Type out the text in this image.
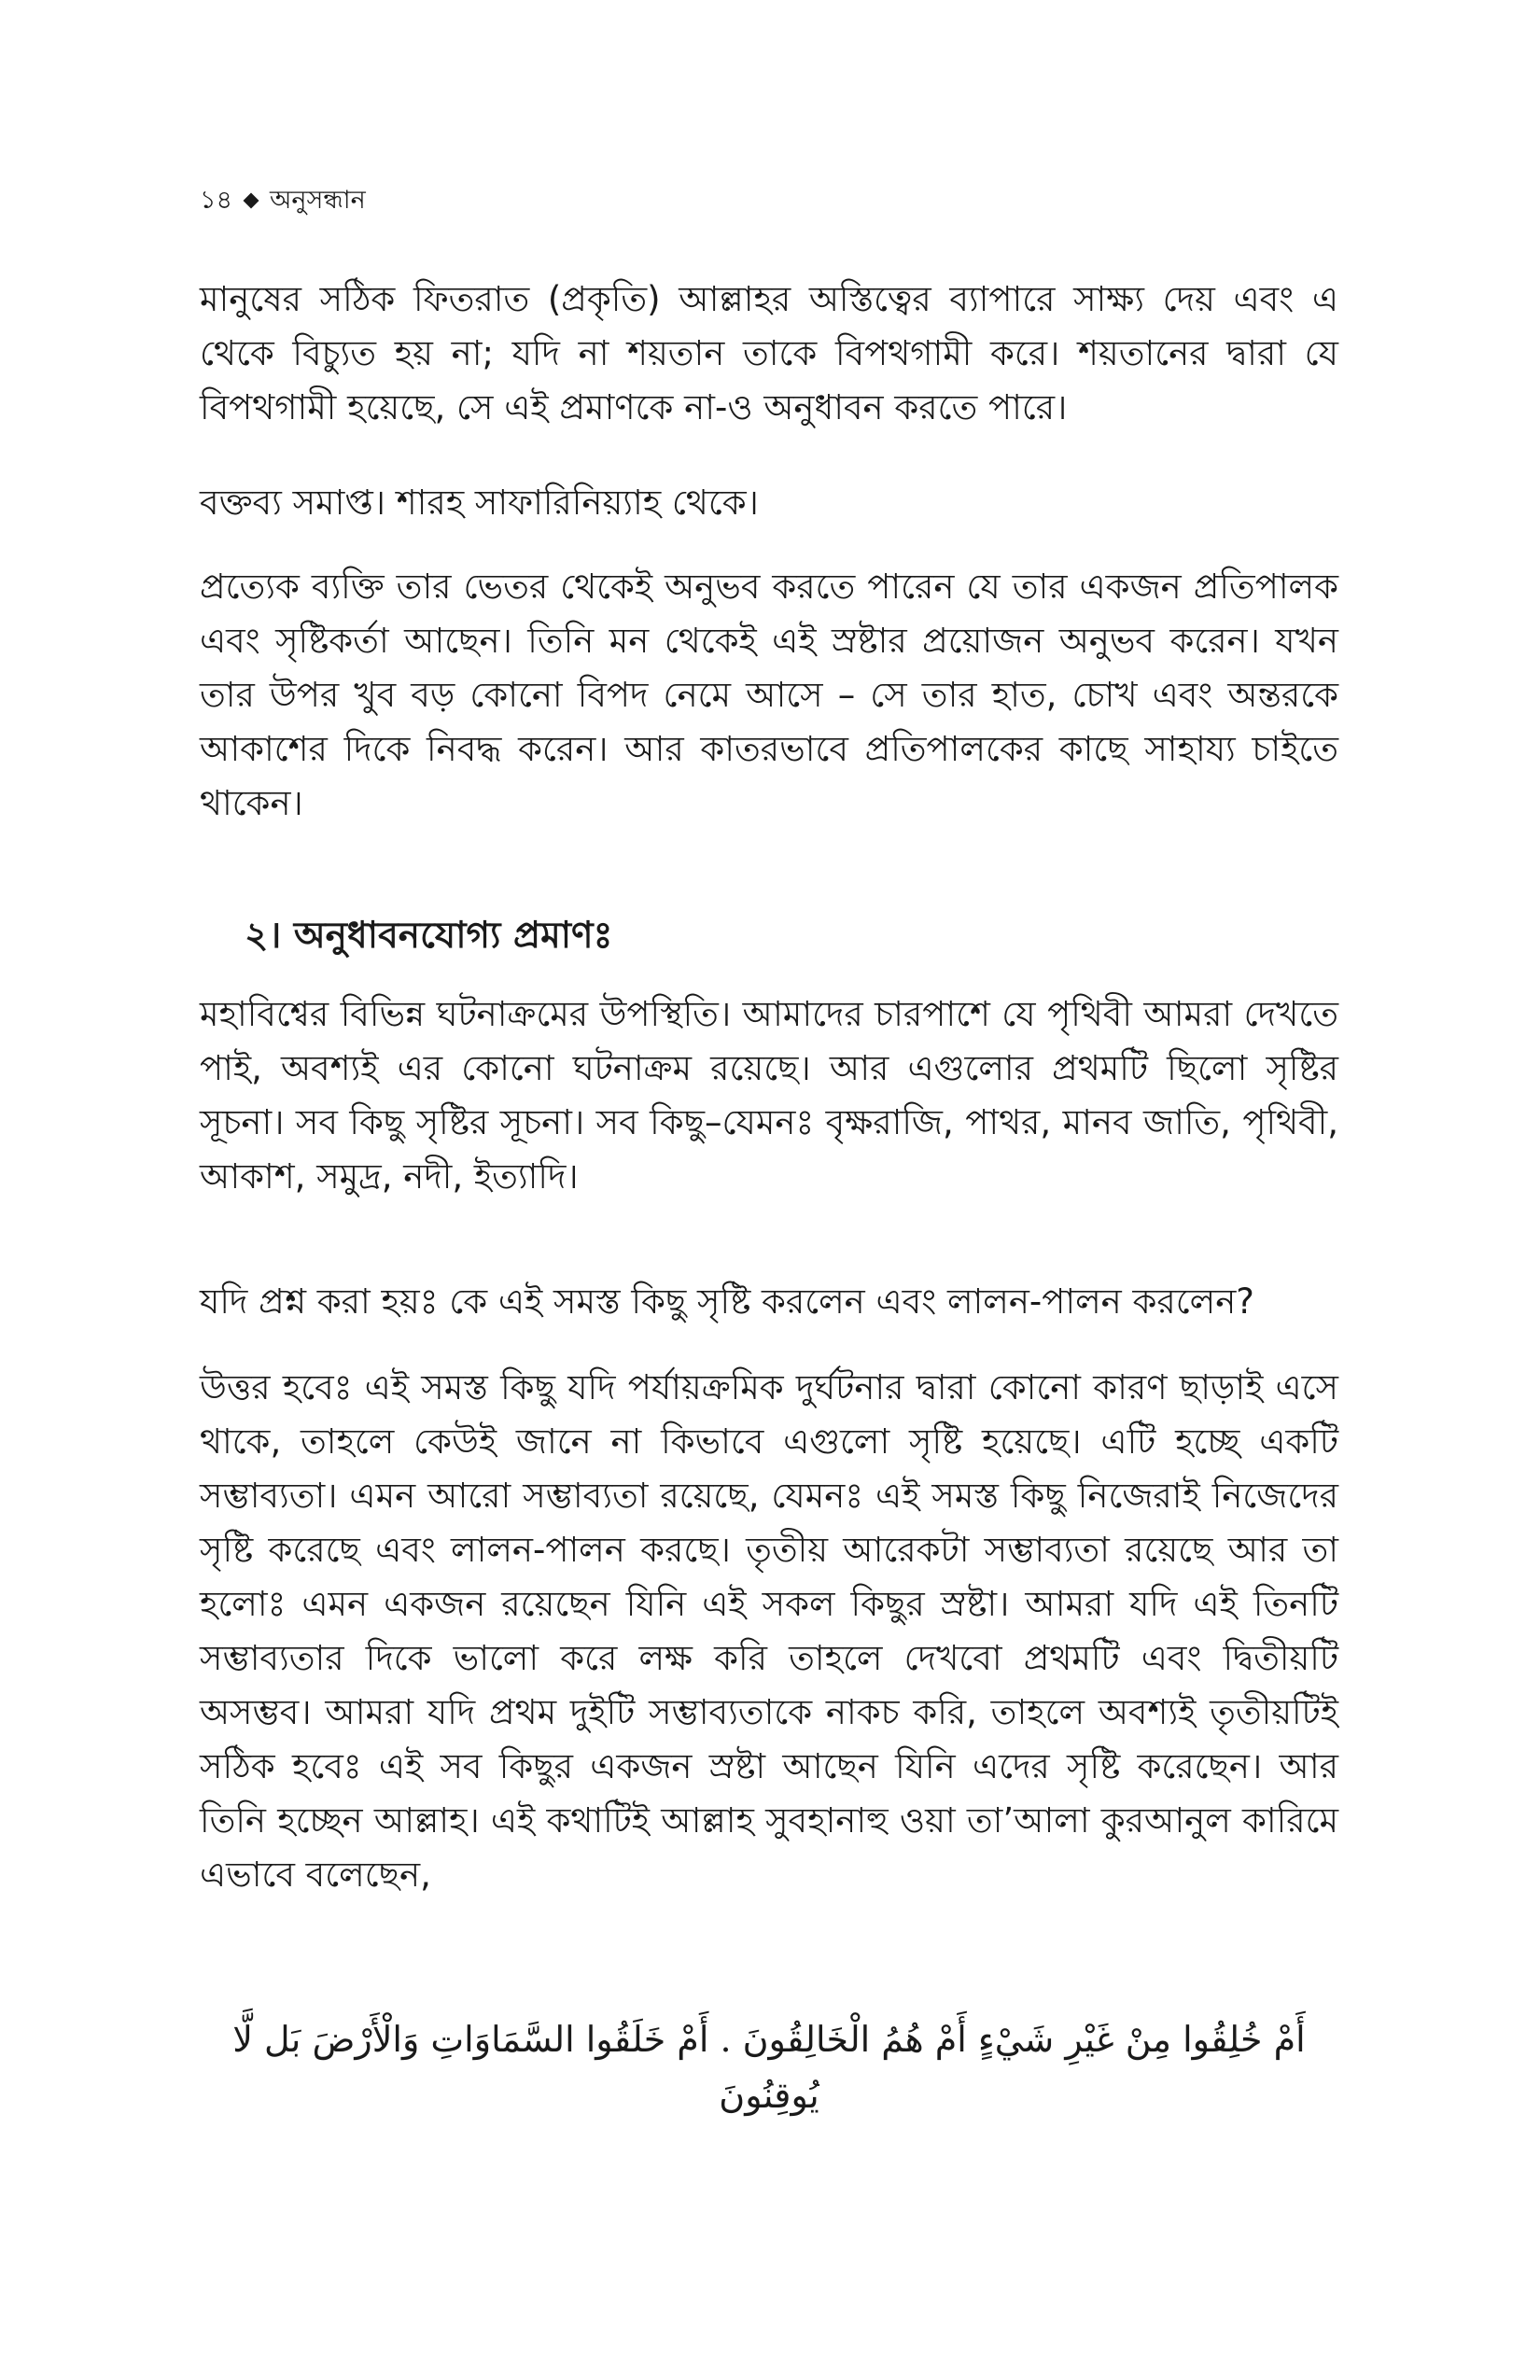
১৪ অনুসন্ধান

মানুষের সঠিক ফিতরাত (প্রকৃতি) আল্লাহর অস্তিত্বের ব্যাপারে সাক্ষ্য দেয় এবং এ থেকে বিচ্যুত হয় না; যদি না শয়তান তাকে বিপথগামী করে। শয়তানের দ্বারা যে বিপথগামী হয়েছে, সে এই প্রমাণকে না-ও অনুধাবন করতে পারে।

বক্তব্য সমাপ্ত। শারহ সাফারিনিয়্যাহ থেকে।

প্রত্যেক ব্যক্তি তার ভেতর থেকেই অনুভব করতে পারেন যে তার একজন প্রতিপালক এবং সৃষ্টিকর্তা আছেন। তিনি মন থেকেই এই স্রষ্টার প্রয়োজন অনুভব করেন। যখন তার উপর খুব বড় কোনো বিপদ নেমে আসে – সে তার হাত, চোখ এবং অন্তরকে আকাশের দিকে নিবদ্ধ করেন। আর কাতরভাবে প্রতিপালকের কাছে সাহায্য চাইতে থাকেন।

২। অনুধাবনযোগ্য প্রমাণঃ

মহাবিশ্বের বিভিন্ন ঘটনাক্রমের উপস্থিতি। আমাদের চারপাশে যে পৃথিবী আমরা দেখতে পাই, অবশ্যই এর কোনো ঘটনাক্রম রয়েছে। আর এগুলোর প্রথমটি ছিলো সৃষ্টির সূচনা। সব কিছু সৃষ্টির সূচনা। সব কিছু–যেমনঃ বৃক্ষরাজি, পাথর, মানব জাতি, পৃথিবী, আকাশ, সমুদ্র, নদী, ইত্যাদি।

যদি প্রশ্ন করা হয়ঃ কে এই সমস্ত কিছু সৃষ্টি করলেন এবং লালন-পালন করলেন?

উত্তর হবেঃ এই সমস্ত কিছু যদি পর্যায়ক্রমিক দুর্ঘটনার দ্বারা কোনো কারণ ছাড়াই এসে থাকে, তাহলে কেউই জানে না কিভাবে এগুলো সৃষ্টি হয়েছে। এটি হচ্ছে একটি সম্ভাব্যতা। এমন আরো সম্ভাব্যতা রয়েছে, যেমনঃ এই সমস্ত কিছু নিজেরাই নিজেদের সৃষ্টি করেছে এবং লালন-পালন করছে। তৃতীয় আরেকটা সম্ভাব্যতা রয়েছে আর তা হলোঃ এমন একজন রয়েছেন যিনি এই সকল কিছুর স্রষ্টা। আমরা যদি এই তিনটি সম্ভাব্যতার দিকে ভালো করে লক্ষ করি তাহলে দেখবো প্রথমটি এবং দ্বিতীয়টি অসম্ভব। আমরা যদি প্রথম দুইটি সম্ভাব্যতাকে নাকচ করি, তাহলে অবশ্যই তৃতীয়টিই সঠিক হবেঃ এই সব কিছুর একজন স্রষ্টা আছেন যিনি এদের সৃষ্টি করেছেন। আর তিনি হচ্ছেন আল্লাহ। এই কথাটিই আল্লাহ সুবহানাহু ওয়া তা’আলা কুরআনুল কারিমে এভাবে বলেছেন,

أَمْ خُلِقُوا مِنْ غَيْرِ شَيْءٍ أَمْ هُمُ الْخَالِقُونَ . أَمْ خَلَقُوا السَّمَاوَاتِ وَالْأَرْضَ بَل لَّا يُوقِنُونَ
